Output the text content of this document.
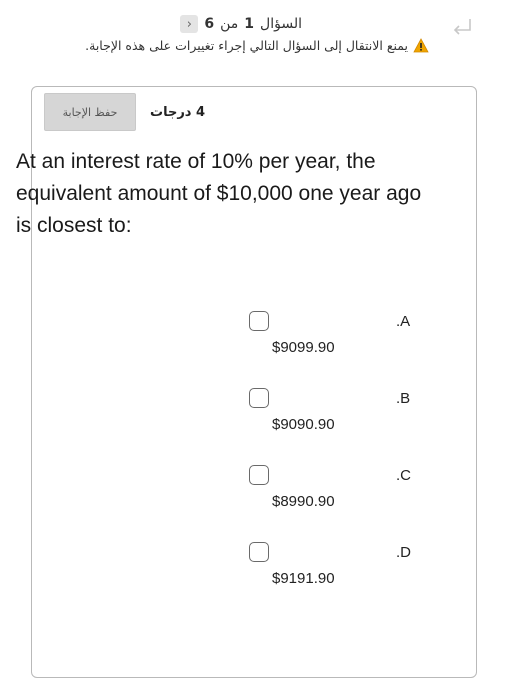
السؤال
1
من
6
‹
يمنع الانتقال إلى السؤال التالي إجراء تغييرات على هذه الإجابة.
حفظ الإجابة	4 درجات
At an interest rate of 10% per year, the equivalent amount of $10,000 one year ago is closest to:
A.
$9099.90
B.
$9090.90
C.
$8990.90
D.
$9191.90
